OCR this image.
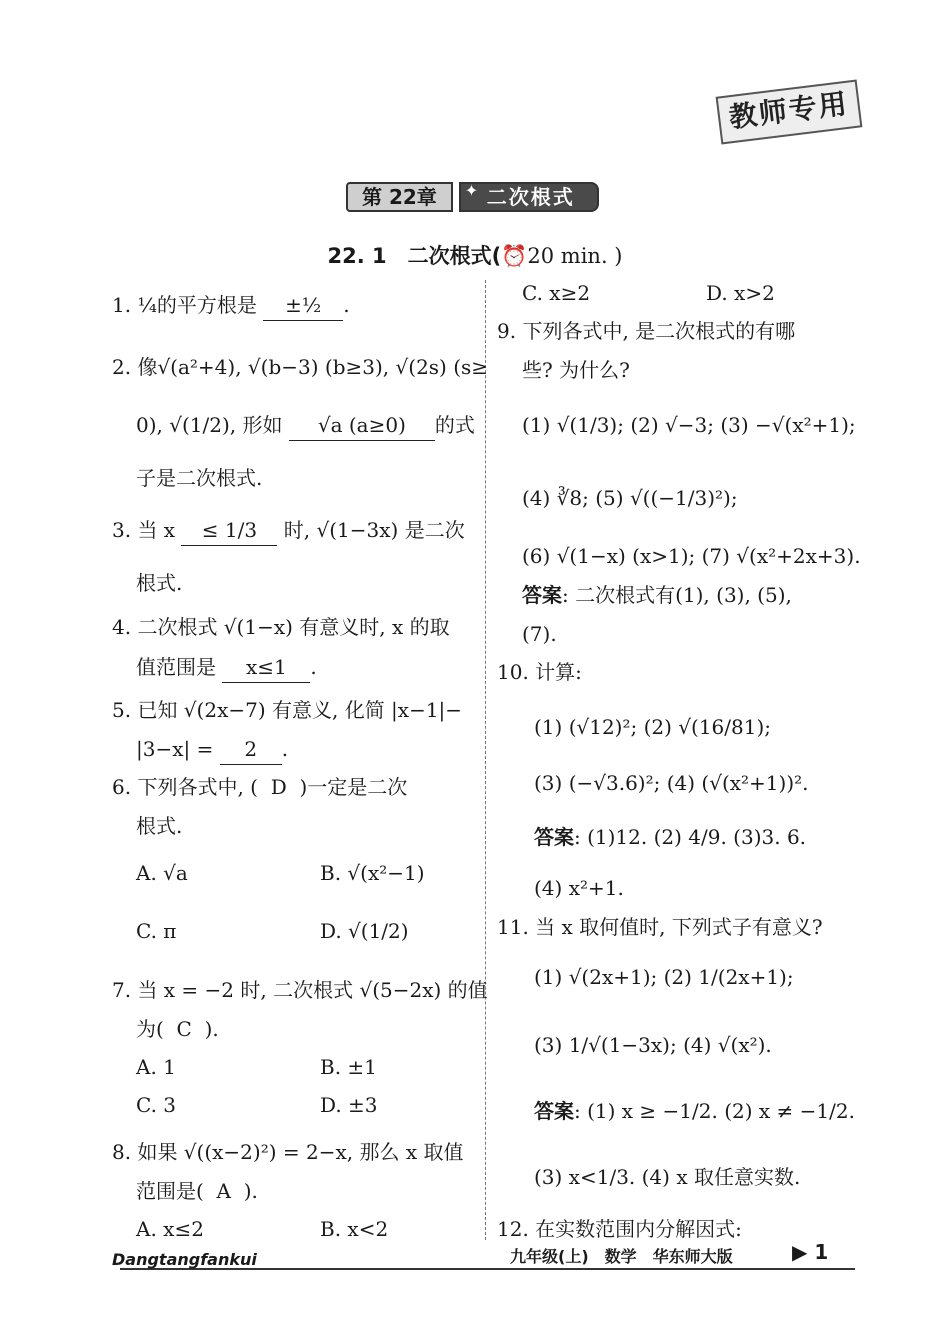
教师专用
第 22章	✦ 二次根式
22. 1　二次根式(⏰20 min. )
1. ¼的平方根是 ±½ .
2. 像√(a²+4), √(b−3) (b≥3), √(2s) (s≥
0), √(1/2), 形如 √a (a≥0) 的式
子是二次根式.
3. 当 x ≤ 1/3 时, √(1−3x) 是二次
根式.
4. 二次根式 √(1−x) 有意义时, x 的取
值范围是 x≤1 .
5. 已知 √(2x−7) 有意义, 化简 |x−1|−
|3−x| = 2 .
6. 下列各式中, ( D )一定是二次
根式.
A. √a	B. √(x²−1)
C. π	D. √(1/2)
7. 当 x = −2 时, 二次根式 √(5−2x) 的值
为( C ).
A. 1	B. ±1
C. 3	D. ±3
8. 如果 √((x−2)²) = 2−x, 那么 x 取值
范围是( A ).
A. x≤2	B. x<2
C. x≥2	D. x>2
9. 下列各式中, 是二次根式的有哪
些? 为什么?
(1) √(1/3); (2) √−3; (3) −√(x²+1);
(4) ∛8; (5) √((−1/3)²);
(6) √(1−x) (x>1); (7) √(x²+2x+3).
答案: 二次根式有(1), (3), (5),
(7).
10. 计算:
(1) (√12)²; (2) √(16/81);
(3) (−√3.6)²; (4) (√(x²+1))².
答案: (1)12. (2) 4/9. (3)3. 6.
(4) x²+1.
11. 当 x 取何值时, 下列式子有意义?
(1) √(2x+1); (2) 1/(2x+1);
(3) 1/√(1−3x); (4) √(x²).
答案: (1) x ≥ −1/2. (2) x ≠ −1/2.
(3) x<1/3. (4) x 取任意实数.
12. 在实数范围内分解因式:
Dangtangfankui	九年级(上)　数学　华东师大版	▶ 1
